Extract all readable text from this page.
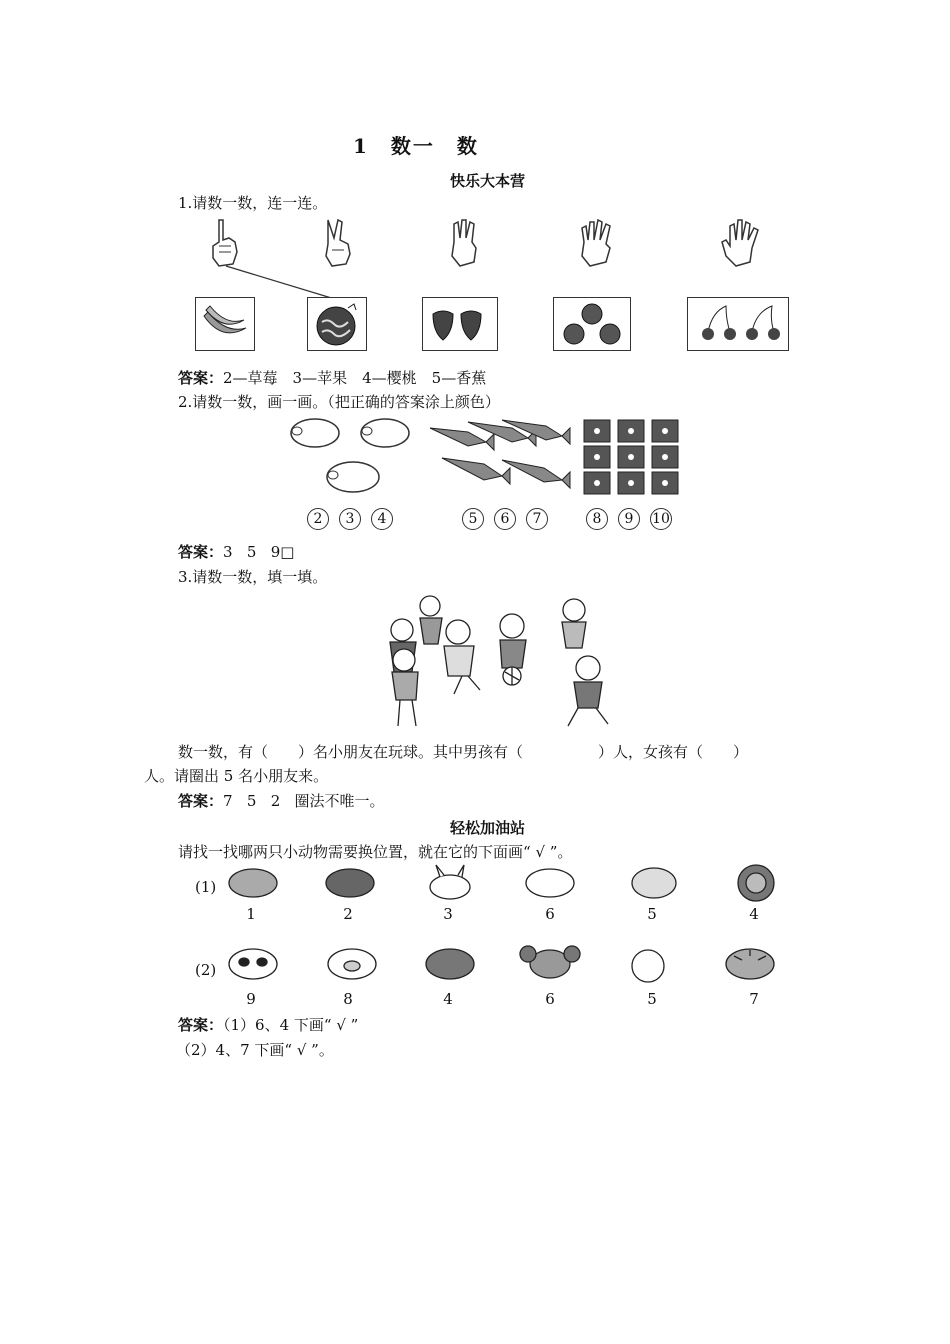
1　数一　数
快乐大本营
1.请数一数，连一连。
答案：2—草莓　3—苹果　4—樱桃　5—香蕉
2.请数一数，画一画。（把正确的答案涂上颜色）
2	3	4	5	6	7	8	9	10
答案：3   5   9□
3.请数一数，填一填。
数一数，有（　　）名小朋友在玩球。其中男孩有（　　　　　）人，女孩有（　　）
人。请圈出 5 名小朋友来。
答案：7   5   2   圈法不唯一。
轻松加油站
请找一找哪两只小动物需要换位置，就在它的下面画“ √ ”。
(1)
1	2	3	6	5	4
(2)
9	8	4	6	5	7
答案：（1）6、4 下画“ √ ”
（2）4、7 下画“ √ ”。
